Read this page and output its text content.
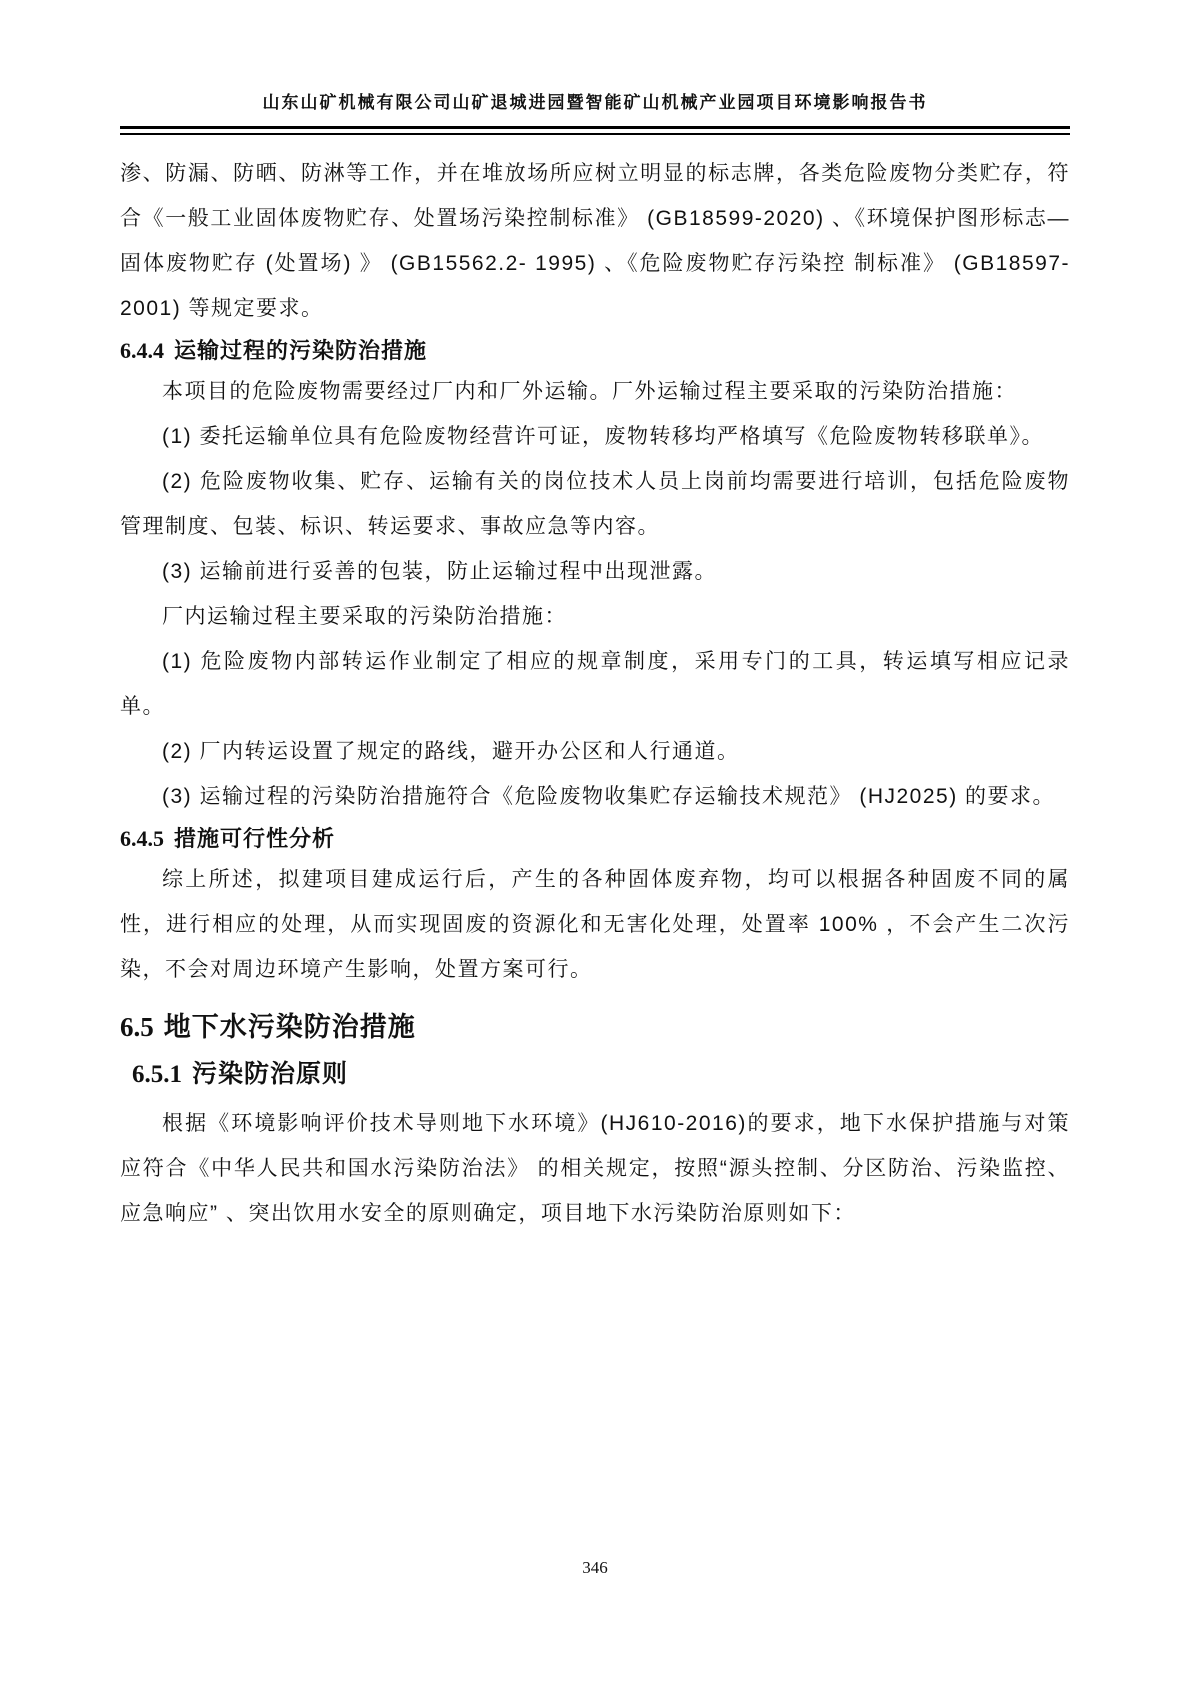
山东山矿机械有限公司山矿退城进园暨智能矿山机械产业园项目环境影响报告书

渗、防漏、防晒、防淋等工作，并在堆放场所应树立明显的标志牌，各类危险废物分类贮存，符合《一般工业固体废物贮存、处置场污染控制标准》 (GB18599-2020) 、《环境保护图形标志— 固体废物贮存 (处置场) 》 (GB15562.2- 1995) 、《危险废物贮存污染控 制标准》 (GB18597-2001) 等规定要求。

6.4.4 运输过程的污染防治措施

本项目的危险废物需要经过厂内和厂外运输。厂外运输过程主要采取的污染防治措施：

(1) 委托运输单位具有危险废物经营许可证，废物转移均严格填写《危险废物转移联单》。

(2) 危险废物收集、贮存、运输有关的岗位技术人员上岗前均需要进行培训，包括危险废物管理制度、包装、标识、转运要求、事故应急等内容。

(3) 运输前进行妥善的包装，防止运输过程中出现泄露。

厂内运输过程主要采取的污染防治措施：

(1) 危险废物内部转运作业制定了相应的规章制度，采用专门的工具，转运填写相应记录单。

(2) 厂内转运设置了规定的路线，避开办公区和人行通道。

(3) 运输过程的污染防治措施符合《危险废物收集贮存运输技术规范》 (HJ2025) 的要求。

6.4.5 措施可行性分析

综上所述，拟建项目建成运行后，产生的各种固体废弃物，均可以根据各种固废不同的属性，进行相应的处理，从而实现固废的资源化和无害化处理，处置率 100% ，不会产生二次污染，不会对周边环境产生影响，处置方案可行。

6.5 地下水污染防治措施
6.5.1 污染防治原则

根据《环境影响评价技术导则地下水环境》(HJ610-2016)的要求，地下水保护措施与对策应符合《中华人民共和国水污染防治法》 的相关规定，按照“源头控制、分区防治、污染监控、应急响应” 、突出饮用水安全的原则确定，项目地下水污染防治原则如下：

346
